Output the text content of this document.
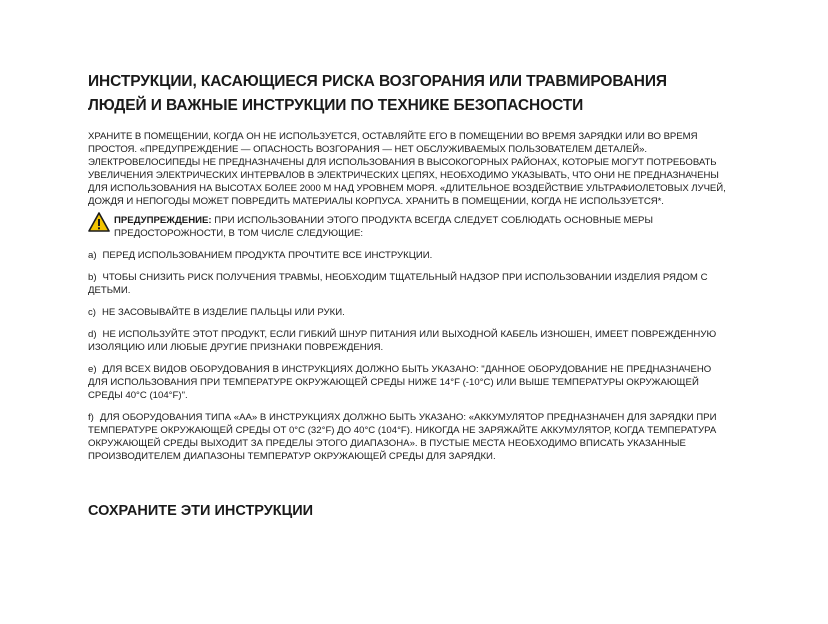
ИНСТРУКЦИИ, КАСАЮЩИЕСЯ РИСКА ВОЗГОРАНИЯ ИЛИ ТРАВМИРОВАНИЯ ЛЮДЕЙ И ВАЖНЫЕ ИНСТРУКЦИИ ПО ТЕХНИКЕ БЕЗОПАСНОСТИ

ХРАНИТЕ В ПОМЕЩЕНИИ, КОГДА ОН НЕ ИСПОЛЬЗУЕТСЯ, ОСТАВЛЯЙТЕ ЕГО В ПОМЕЩЕНИИ ВО ВРЕМЯ ЗАРЯДКИ ИЛИ ВО ВРЕМЯ ПРОСТОЯ. «ПРЕДУПРЕЖДЕНИЕ — ОПАСНОСТЬ ВОЗГОРАНИЯ — НЕТ ОБСЛУЖИВАЕМЫХ ПОЛЬЗОВАТЕЛЕМ ДЕТАЛЕЙ». ЭЛЕКТРОВЕЛОСИПЕДЫ НЕ ПРЕДНАЗНАЧЕНЫ ДЛЯ ИСПОЛЬЗОВАНИЯ В ВЫСОКОГОРНЫХ РАЙОНАХ, КОТОРЫЕ МОГУТ ПОТРЕБОВАТЬ УВЕЛИЧЕНИЯ ЭЛЕКТРИЧЕСКИХ ИНТЕРВАЛОВ В ЭЛЕКТРИЧЕСКИХ ЦЕПЯХ, НЕОБХОДИМО УКАЗЫВАТЬ, ЧТО ОНИ НЕ ПРЕДНАЗНАЧЕНЫ ДЛЯ ИСПОЛЬЗОВАНИЯ НА ВЫСОТАХ БОЛЕЕ 2000 М НАД УРОВНЕМ МОРЯ. «ДЛИТЕЛЬНОЕ ВОЗДЕЙСТВИЕ УЛЬТРАФИОЛЕТОВЫХ ЛУЧЕЙ, ДОЖДЯ И НЕПОГОДЫ МОЖЕТ ПОВРЕДИТЬ МАТЕРИАЛЫ КОРПУСА. ХРАНИТЬ В ПОМЕЩЕНИИ, КОГДА НЕ ИСПОЛЬЗУЕТСЯ*.

ПРЕДУПРЕЖДЕНИЕ: ПРИ ИСПОЛЬЗОВАНИИ ЭТОГО ПРОДУКТА ВСЕГДА СЛЕДУЕТ СОБЛЮДАТЬ ОСНОВНЫЕ МЕРЫ ПРЕДОСТОРОЖНОСТИ, В ТОМ ЧИСЛЕ СЛЕДУЮЩИЕ:
a) ПЕРЕД ИСПОЛЬЗОВАНИЕМ ПРОДУКТА ПРОЧТИТЕ ВСЕ ИНСТРУКЦИИ.
b) ЧТОБЫ СНИЗИТЬ РИСК ПОЛУЧЕНИЯ ТРАВМЫ, НЕОБХОДИМ ТЩАТЕЛЬНЫЙ НАДЗОР ПРИ ИСПОЛЬЗОВАНИИ ИЗДЕЛИЯ РЯДОМ С ДЕТЬМИ.
c) НЕ ЗАСОВЫВАЙТЕ В ИЗДЕЛИЕ ПАЛЬЦЫ ИЛИ РУКИ.
d) НЕ ИСПОЛЬЗУЙТЕ ЭТОТ ПРОДУКТ, ЕСЛИ ГИБКИЙ ШНУР ПИТАНИЯ ИЛИ ВЫХОДНОЙ КАБЕЛЬ ИЗНОШЕН, ИМЕЕТ ПОВРЕЖДЕННУЮ ИЗОЛЯЦИЮ ИЛИ ЛЮБЫЕ ДРУГИЕ ПРИЗНАКИ ПОВРЕЖДЕНИЯ.
e) ДЛЯ ВСЕХ ВИДОВ ОБОРУДОВАНИЯ В ИНСТРУКЦИЯХ ДОЛЖНО БЫТЬ УКАЗАНО: "ДАННОЕ ОБОРУДОВАНИЕ НЕ ПРЕДНАЗНАЧЕНО ДЛЯ ИСПОЛЬЗОВАНИЯ ПРИ ТЕМПЕРАТУРЕ ОКРУЖАЮЩЕЙ СРЕДЫ НИЖЕ 14°F (-10°C) ИЛИ ВЫШЕ ТЕМПЕРАТУРЫ ОКРУЖАЮЩЕЙ СРЕДЫ 40°C (104°F)".
f) ДЛЯ ОБОРУДОВАНИЯ ТИПА «АА» В ИНСТРУКЦИЯХ ДОЛЖНО БЫТЬ УКАЗАНО: «АККУМУЛЯТОР ПРЕДНАЗНАЧЕН ДЛЯ ЗАРЯДКИ ПРИ ТЕМПЕРАТУРЕ ОКРУЖАЮЩЕЙ СРЕДЫ ОТ 0°C (32°F) ДО 40°C (104°F). НИКОГДА НЕ ЗАРЯЖАЙТЕ АККУМУЛЯТОР, КОГДА ТЕМПЕРАТУРА ОКРУЖАЮЩЕЙ СРЕДЫ ВЫХОДИТ ЗА ПРЕДЕЛЫ ЭТОГО ДИАПАЗОНА». В ПУСТЫЕ МЕСТА НЕОБХОДИМО ВПИСАТЬ УКАЗАННЫЕ ПРОИЗВОДИТЕЛЕМ ДИАПАЗОНЫ ТЕМПЕРАТУР ОКРУЖАЮЩЕЙ СРЕДЫ ДЛЯ ЗАРЯДКИ.
СОХРАНИТЕ ЭТИ ИНСТРУКЦИИ
